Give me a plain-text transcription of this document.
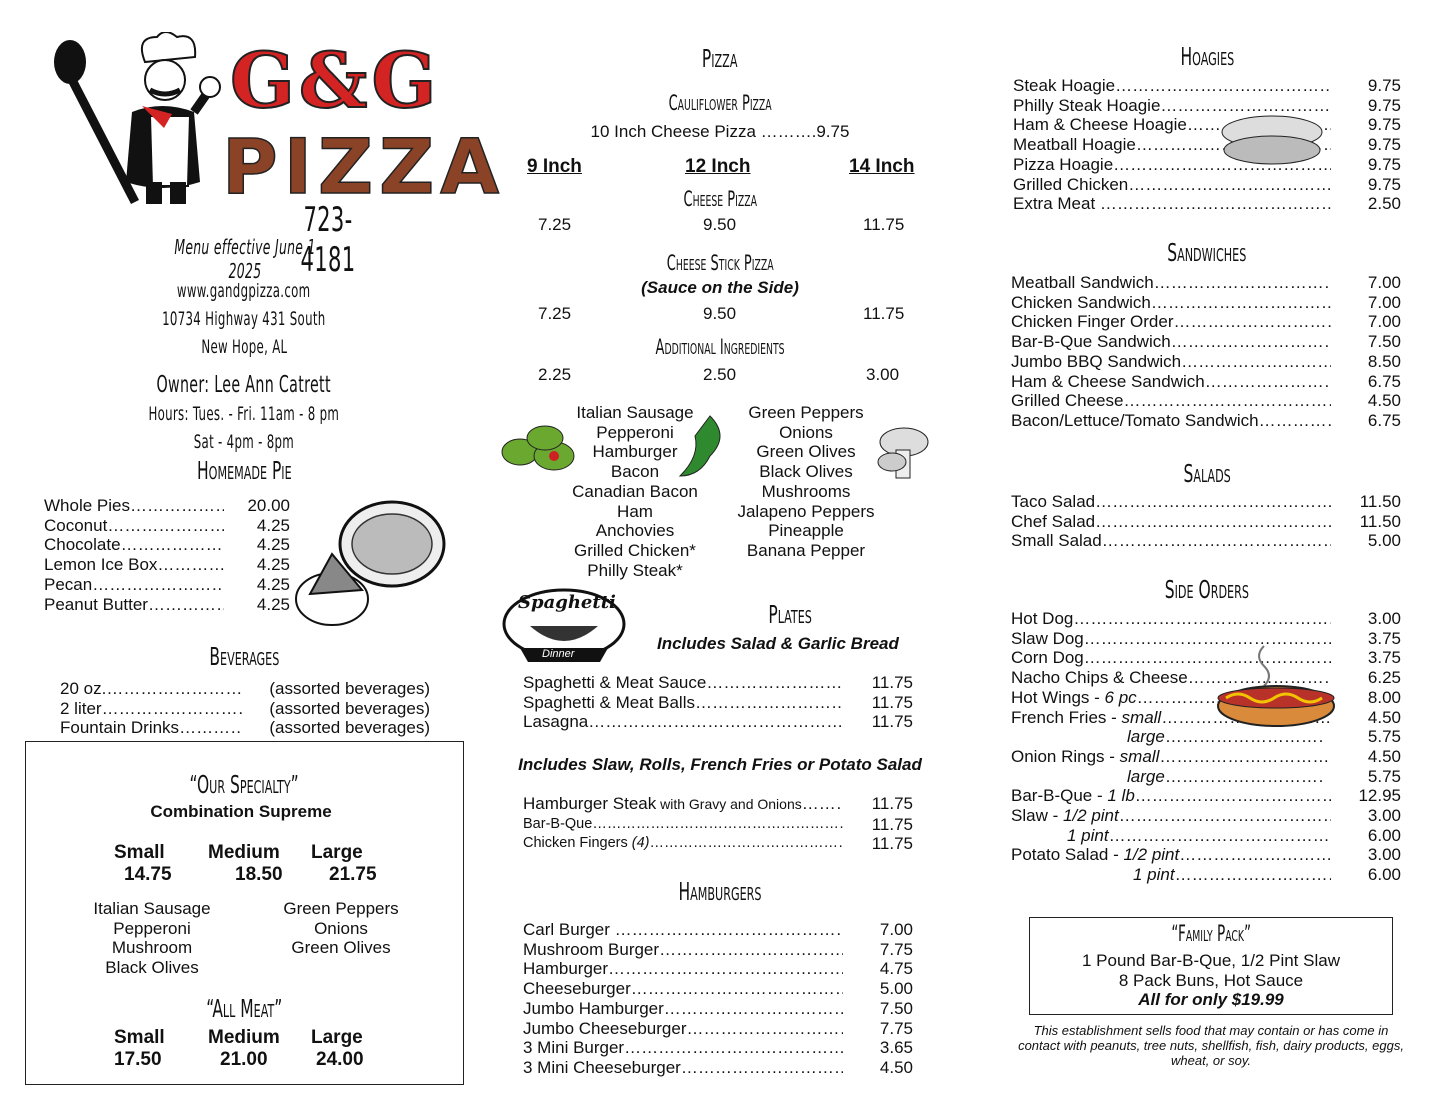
G&G
PIZZA
723-4181
Menu effective June 1 2025
www.gandgpizza.com
10734 Highway 431 South
New Hope, AL
Owner: Lee Ann Catrett
Hours: Tues. - Fri. 11am - 8 pm
Sat - 4pm - 8pm
Homemade Pie
Whole Pies ………………………………………………………………………	20.00
Coconut ………………………………………………………………………	4.25
Chocolate ………………………………………………………………………	4.25
Lemon Ice Box ………………………………………………………………………	4.25
Pecan ………………………………………………………………………	4.25
Peanut Butter ………………………………………………………………………	4.25
Beverages
20 oz. ………………………………………………………………………	(assorted beverages)
2 liter ………………………………………………………………………	(assorted beverages)
Fountain Drinks ………………………………………………………………………	(assorted beverages)
“Our Specialty”
Combination Supreme
Small Medium Large
14.75	18.50 21.75
Italian Sausage
Pepperoni
Mushroom
Black Olives
Green Peppers
Onions
Green Olives
“All Meat”
Small Medium Large
17.50	21.00	24.00
Pizza
Cauliflower Pizza
10 Inch Cheese Pizza ……….9.75
9 Inch	12 Inch	14 Inch
Cheese Pizza
7.25	9.50	11.75
Cheese Stick Pizza
(Sauce on the Side)
7.25	9.50	11.75
Additional Ingredients
2.25	2.50	3.00
Italian Sausage
Pepperoni
Hamburger
Bacon
Canadian Bacon
Ham
Anchovies
Grilled Chicken*
Philly Steak*
Green Peppers
Onions
Green Olives
Black Olives
Mushrooms
Jalapeno Peppers
Pineapple
Banana Pepper
Spaghetti
Dinner
Plates
Includes Salad & Garlic Bread
Spaghetti & Meat Sauce ………………………………………………………………………	11.75
Spaghetti & Meat Balls ………………………………………………………………………	11.75
Lasagna ………………………………………………………………………	11.75
Includes Slaw, Rolls, French Fries or Potato Salad
Hamburger Steak with Gravy and Onions ………………………………………………………………………	11.75
Bar-B-Que ………………………………………………………………………	11.75
Chicken Fingers (4) ………………………………………………………………………	11.75
Hamburgers
Carl Burger ………………………………………………………………………	7.00
Mushroom Burger ………………………………………………………………………	7.75
Hamburger ………………………………………………………………………	4.75
Cheeseburger ………………………………………………………………………	5.00
Jumbo Hamburger ………………………………………………………………………	7.50
Jumbo Cheeseburger ………………………………………………………………………	7.75
3 Mini Burger ………………………………………………………………………	3.65
3 Mini Cheeseburger ………………………………………………………………………	4.50
Hoagies
Steak Hoagie ………………………………………………………………………	9.75
Philly Steak Hoagie ………………………………………………………………………	9.75
Ham & Cheese Hoagie ………………………………………………………………………	9.75
Meatball Hoagie ………………………………………………………………………	9.75
Pizza Hoagie ………………………………………………………………………	9.75
Grilled Chicken ………………………………………………………………………	9.75
Extra Meat ………………………………………………………………………	2.50
Sandwiches
Meatball Sandwich ………………………………………………………………………	7.00
Chicken Sandwich ………………………………………………………………………	7.00
Chicken Finger Order ………………………………………………………………………	7.00
Bar-B-Que Sandwich ………………………………………………………………………	7.50
Jumbo BBQ Sandwich ………………………………………………………………………	8.50
Ham & Cheese Sandwich ………………………………………………………………………	6.75
Grilled Cheese ………………………………………………………………………	4.50
Bacon/Lettuce/Tomato Sandwich ………………………………………………………………………	6.75
Salads
Taco Salad ………………………………………………………………………	11.50
Chef Salad ………………………………………………………………………	11.50
Small Salad ………………………………………………………………………	5.00
Side Orders
Hot Dog ………………………………………………………………………	3.00
Slaw Dog ………………………………………………………………………	3.75
Corn Dog ………………………………………………………………………	3.75
Nacho Chips & Cheese ………………………………………………………………………	6.25
Hot Wings - 6 pc ………………………………………………………………………	8.00
French Fries - small ………………………………………………………………………	4.50
large ………………………………………………………………………	5.75
Onion Rings - small ………………………………………………………………………	4.50
large ………………………………………………………………………	5.75
Bar-B-Que - 1 lb ………………………………………………………………………	12.95
Slaw - 1/2 pint ………………………………………………………………………	3.00
1 pint ………………………………………………………………………	6.00
Potato Salad - 1/2 pint ………………………………………………………………………	3.00
1 pint ………………………………………………………………………	6.00
“Family Pack”
1 Pound Bar-B-Que, 1/2 Pint Slaw
8 Pack Buns, Hot Sauce
All for only $19.99
This establishment sells food that may contain or has come in contact with peanuts, tree nuts, shellfish, fish, dairy products, eggs, wheat, or soy.
